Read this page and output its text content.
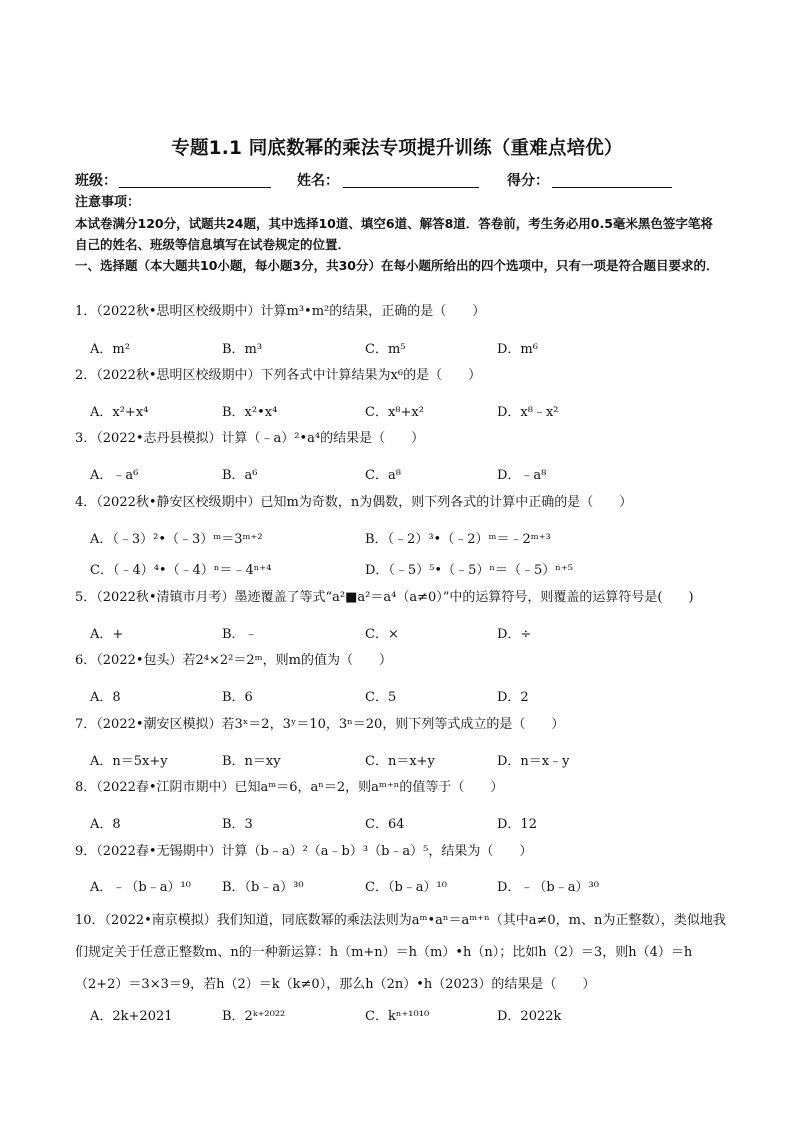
专题1.1 同底数幂的乘法专项提升训练（重难点培优）
班级：	姓名：	得分：
注意事项：
本试卷满分120分，试题共24题，其中选择10道、填空6道、解答8道．答卷前，考生务必用0.5毫米黑色签字笔将自己的姓名、班级等信息填写在试卷规定的位置．
一、选择题（本大题共10小题，每小题3分，共30分）在每小题所给出的四个选项中，只有一项是符合题目要求的．
1．（2022秋•思明区校级期中）计算m³•m²的结果，正确的是（　　）
A．m²	B．m³	C．m⁵	D．m⁶
2．（2022秋•思明区校级期中）下列各式中计算结果为x⁶的是（　　）
A．x²+x⁴	B．x²•x⁴	C．x⁸+x²	D．x⁸﹣x²
3．（2022•志丹县模拟）计算（﹣a）²•a⁴的结果是（　　）
A．﹣a⁶	B．a⁶	C．a⁸	D．﹣a⁸
4．（2022秋•静安区校级期中）已知m为奇数，n为偶数，则下列各式的计算中正确的是（　　）
A．（﹣3）²•（﹣3）ᵐ＝3ᵐ⁺²	B．（﹣2）³•（﹣2）ᵐ＝﹣2ᵐ⁺³
C．（﹣4）⁴•（﹣4）ⁿ＝﹣4ⁿ⁺⁴	D．（﹣5）⁵•（﹣5）ⁿ＝（﹣5）ⁿ⁺⁵
5．（2022秋•清镇市月考）墨迹覆盖了等式“a²■a²＝a⁴（a≠0）”中的运算符号，则覆盖的运算符号是(　　)
A．+	B．﹣	C．×	D．÷
6．（2022•包头）若2⁴×2²＝2ᵐ，则m的值为（　　）
A．8	B．6	C．5	D．2
7．（2022•潮安区模拟）若3ˣ＝2，3ʸ＝10，3ⁿ＝20，则下列等式成立的是（　　）
A．n＝5x+y	B．n＝xy	C．n＝x+y	D．n＝x﹣y
8．（2022春•江阴市期中）已知aᵐ＝6，aⁿ＝2，则aᵐ⁺ⁿ的值等于（　　）
A．8	B．3	C．64	D．12
9．（2022春•无锡期中）计算（b﹣a）²（a﹣b）³（b﹣a）⁵，结果为（　　）
A．﹣（b﹣a）¹⁰ B．（b﹣a）³⁰	C．（b﹣a）¹⁰	D．﹣（b﹣a）³⁰
10．（2022•南京模拟）我们知道，同底数幂的乘法法则为aᵐ•aⁿ＝aᵐ⁺ⁿ（其中a≠0，m、n为正整数），类似地我们规定关于任意正整数m、n的一种新运算：h（m+n）＝h（m）•h（n）；比如h（2）＝3，则h（4）＝h（2+2）＝3×3＝9，若h（2）＝k（k≠0），那么h（2n）•h（2023）的结果是（　　）
A．2k+2021	B．2ᵏ⁺²⁰²²	C．kⁿ⁺¹⁰¹⁰	D．2022k
